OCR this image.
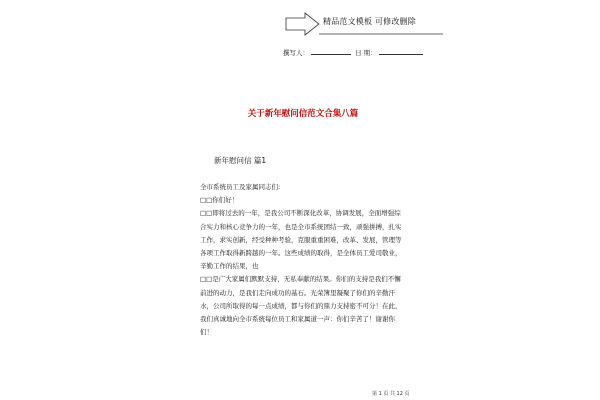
精品范文模板 可修改删除
撰写人：	日 期：
关于新年慰问信范文合集八篇
新年慰问信 篇1

全市系统员工及家属同志们:

□□你们好！

□□即将过去的一年，是我公司不断深化改革，协调发展，全面增强综合实力和核心竞争力的一年，也是全市系统团结一致，顽强拼搏，扎实工作，求实创新，经受种种考验，克服重重困难，改革、发展，管理等各项工作取得新跨越的一年。这些成绩的取得，是全体员工爱司敬业，辛勤工作的结果，也

□□是广大家属们默默支持，无私奉献的结果。你们的支持是我们不懈前进的动力，是我们走向成功的基石。光荣簿里凝聚了你们的辛勤汗水，公司所取得的每一点成绩，都与你们的鼎力支持密不可分！在此，我们真诚地向全市系统每位员工和家属道一声：你们辛苦了！谢谢你们！

第 1 页 共 12 页
